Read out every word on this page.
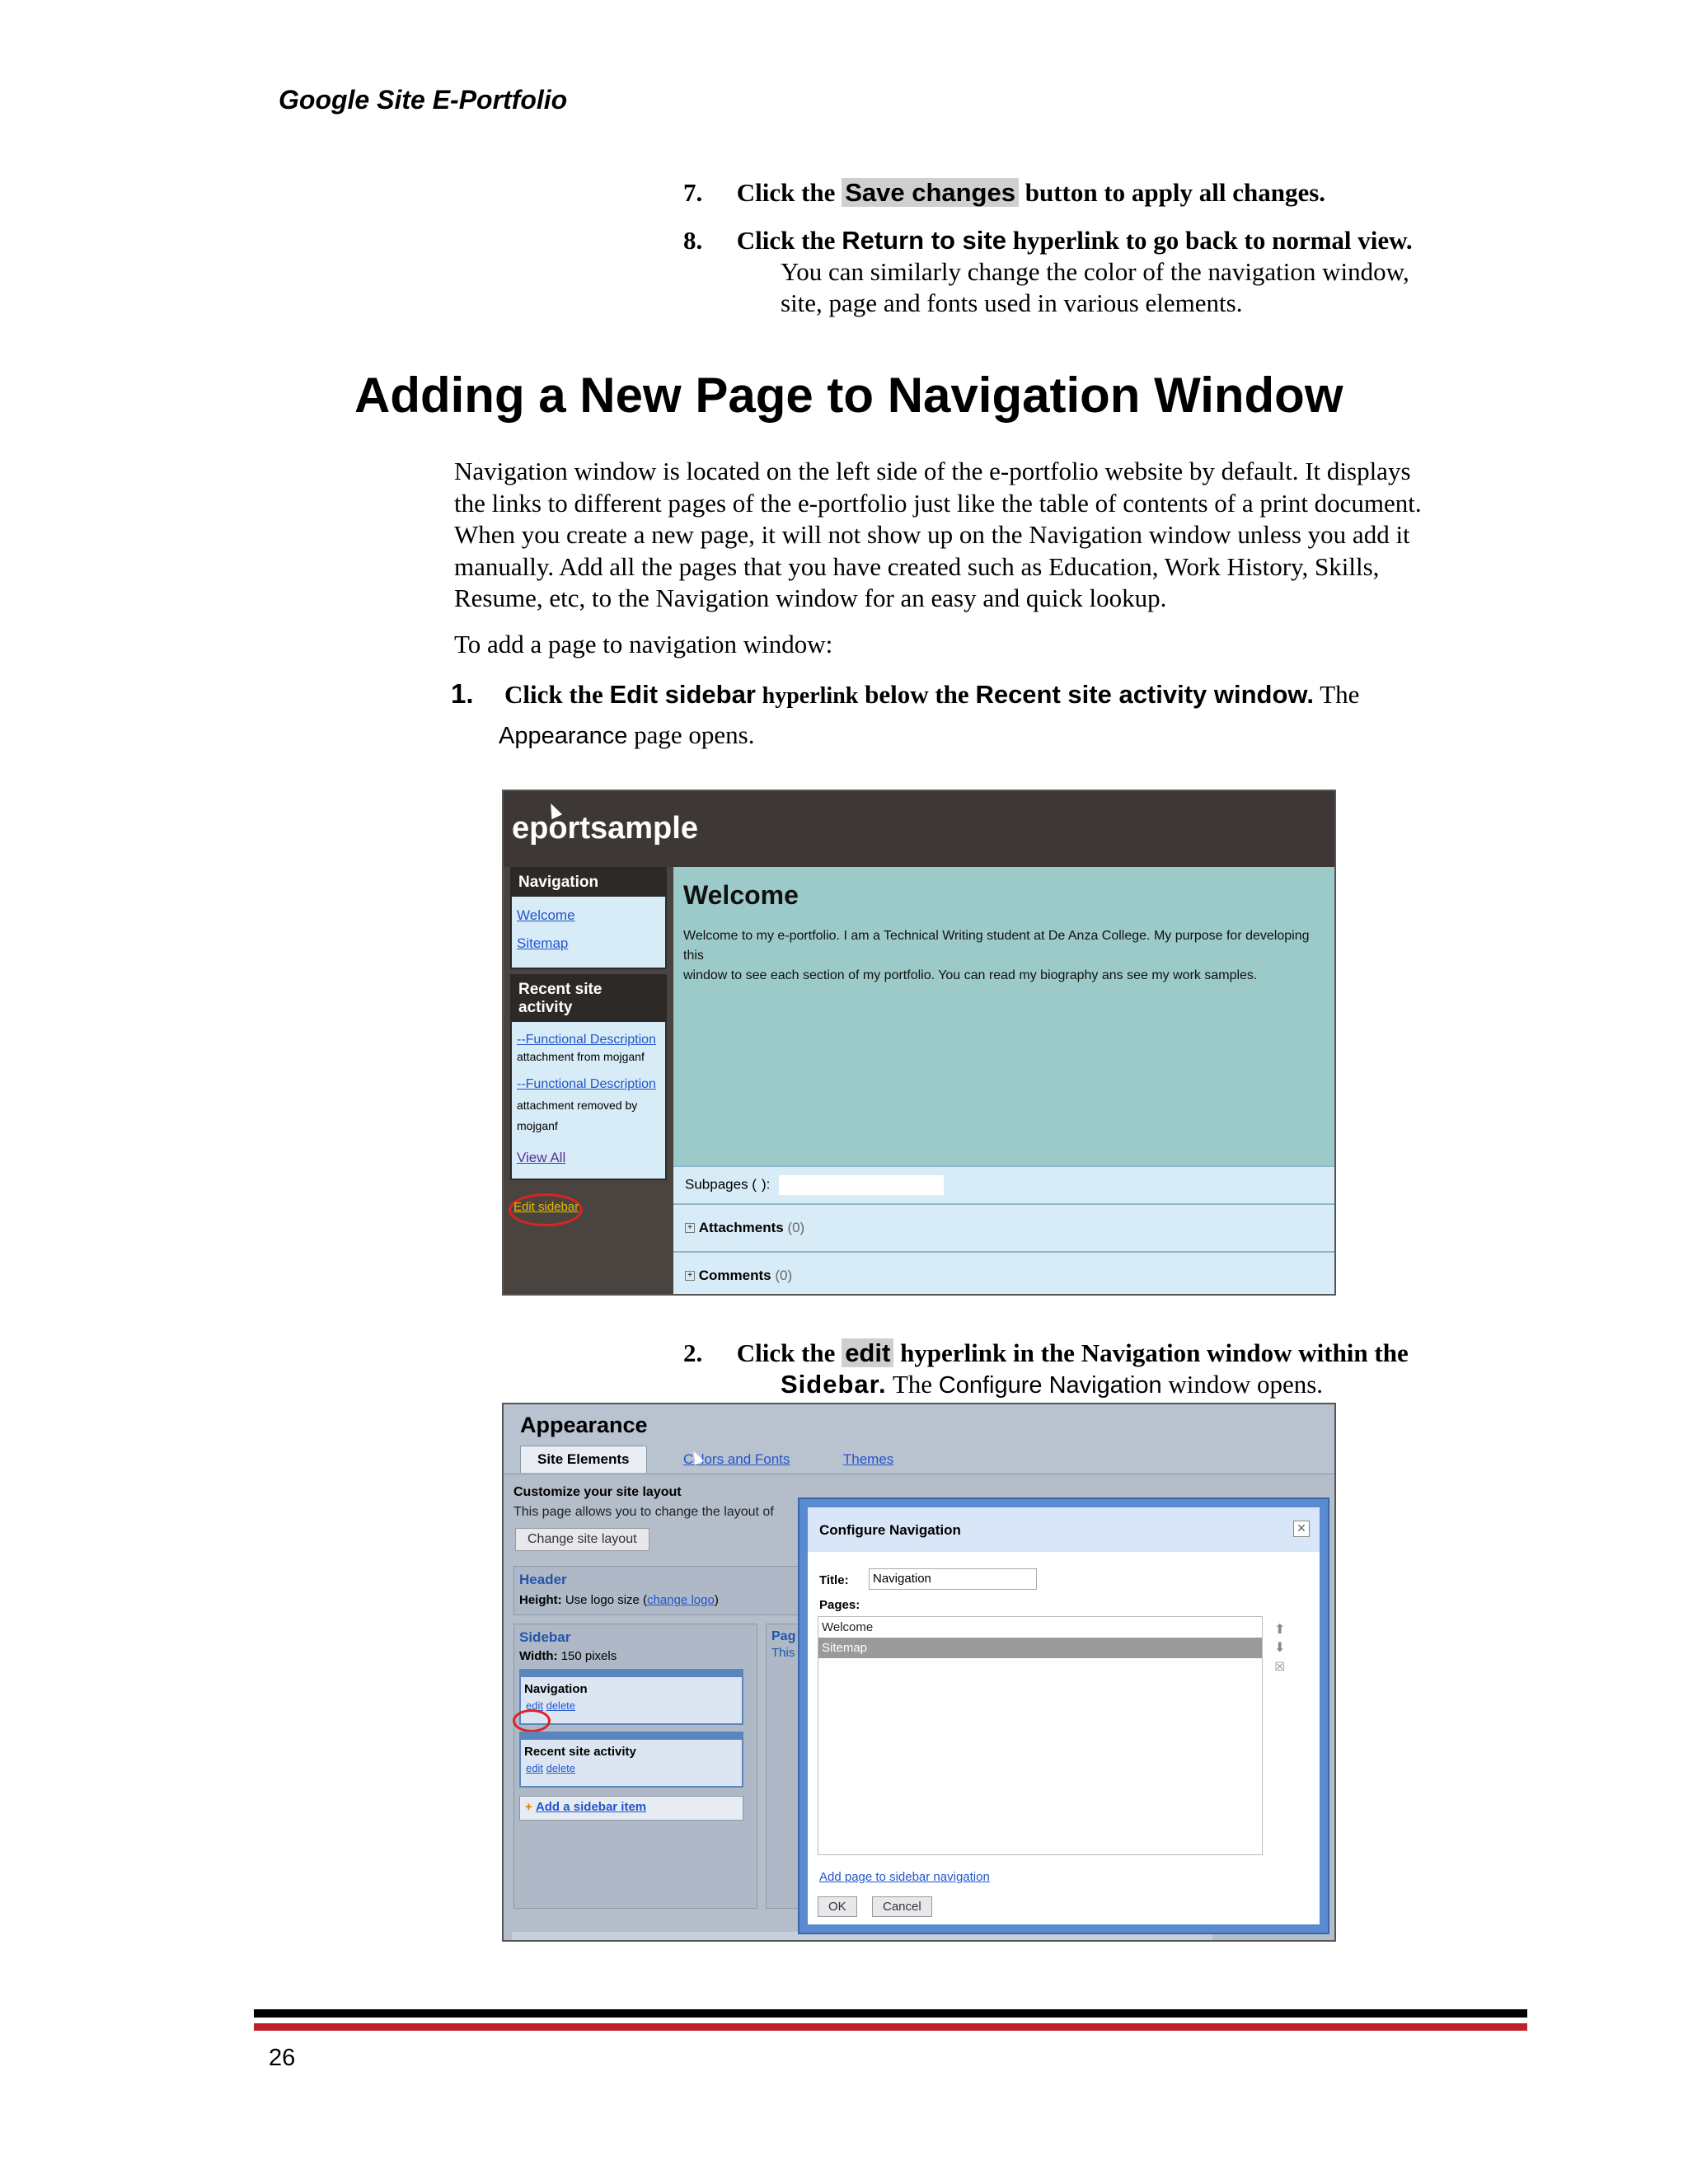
Google Site E-Portfolio
7. Click the Save changes button to apply all changes.
8. Click the Return to site hyperlink to go back to normal view.
You can similarly change the color of the navigation window,
site, page and fonts used in various elements.
Adding a New Page to Navigation Window
Navigation window is located on the left side of the e-portfolio website by default. It displays
the links to different pages of the e-portfolio just like the table of contents of a print document.
When you create a new page, it will not show up on the Navigation window unless you add it
manually. Add all the pages that you have created such as Education, Work History, Skills,
Resume, etc, to the Navigation window for an easy and quick lookup.
To add a page to navigation window:
1. Click the Edit sidebar hyperlink below the Recent site activity window. The
Appearance page opens.
eportsample
Navigation
Welcome
Sitemap
Recent site activity
--Functional Description
attachment from mojganf
--Functional Description
attachment removed by
mojganf
View All
Edit sidebar
Welcome
Welcome to my e-portfolio. I am a Technical Writing student at De Anza College. My purpose for developing this
window to see each section of my portfolio. You can read my biography ans see my work samples.
Subpages ( ):
+ Attachments (0)
+ Comments (0)
2. Click the edit hyperlink in the Navigation window within the
Sidebar. The Configure Navigation window opens.
Appearance
Site Elements	Colors and Fonts	Themes
Customize your site layout
This page allows you to change the layout of
Change site layout
Header
Height: Use logo size (change logo)
Sidebar
Width: 150 pixels
Navigation
edit delete
Recent site activity
edit delete
+ Add a sidebar item
Pag
This
Configure Navigation	✕
Title:	Navigation
Pages:
Welcome
Sitemap
⬆
⬇
☒
Add page to sidebar navigation
OK	Cancel
26
